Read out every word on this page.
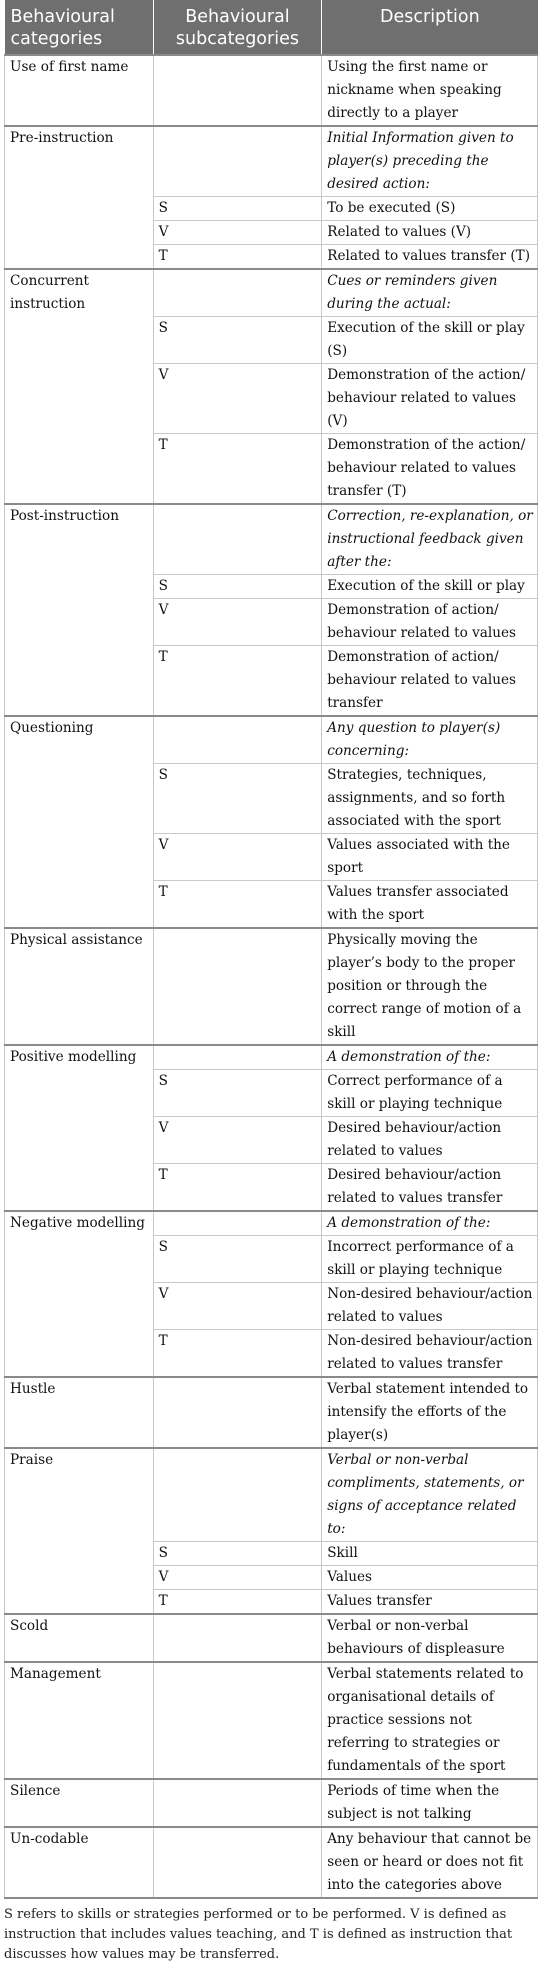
Behavioural categories	Behavioural subcategories	Description
Use of first name		Using the first name or nickname when speaking directly to a player
Pre-instruction		Initial Information given to player(s) preceding the desired action:
	S	To be executed (S)
	V	Related to values (V)
	T	Related to values transfer (T)
Concurrent instruction		Cues or reminders given during the actual:
	S	Execution of the skill or play (S)
	V	Demonstration of the action/ behaviour related to values (V)
	T	Demonstration of the action/ behaviour related to values transfer (T)
Post-instruction		Correction, re-explanation, or instructional feedback given after the:
	S	Execution of the skill or play
	V	Demonstration of action/ behaviour related to values
	T	Demonstration of action/ behaviour related to values transfer
Questioning		Any question to player(s) concerning:
	S	Strategies, techniques, assignments, and so forth associated with the sport
	V	Values associated with the sport
	T	Values transfer associated with the sport
Physical assistance		Physically moving the player’s body to the proper position or through the correct range of motion of a skill
Positive modelling		A demonstration of the:
	S	Correct performance of a skill or playing technique
	V	Desired behaviour/action related to values
	T	Desired behaviour/action related to values transfer
Negative modelling		A demonstration of the:
	S	Incorrect performance of a skill or playing technique
	V	Non-desired behaviour/action related to values
	T	Non-desired behaviour/action related to values transfer
Hustle		Verbal statement intended to intensify the efforts of the player(s)
Praise		Verbal or non-verbal compliments, statements, or signs of acceptance related to:
	S	Skill
	V	Values
	T	Values transfer
Scold		Verbal or non-verbal behaviours of displeasure
Management		Verbal statements related to organisational details of practice sessions not referring to strategies or fundamentals of the sport
Silence		Periods of time when the subject is not talking
Un-codable		Any behaviour that cannot be seen or heard or does not fit into the categories above
S refers to skills or strategies performed or to be performed. V is defined as instruction that includes values teaching, and T is defined as instruction that discusses how values may be transferred.
